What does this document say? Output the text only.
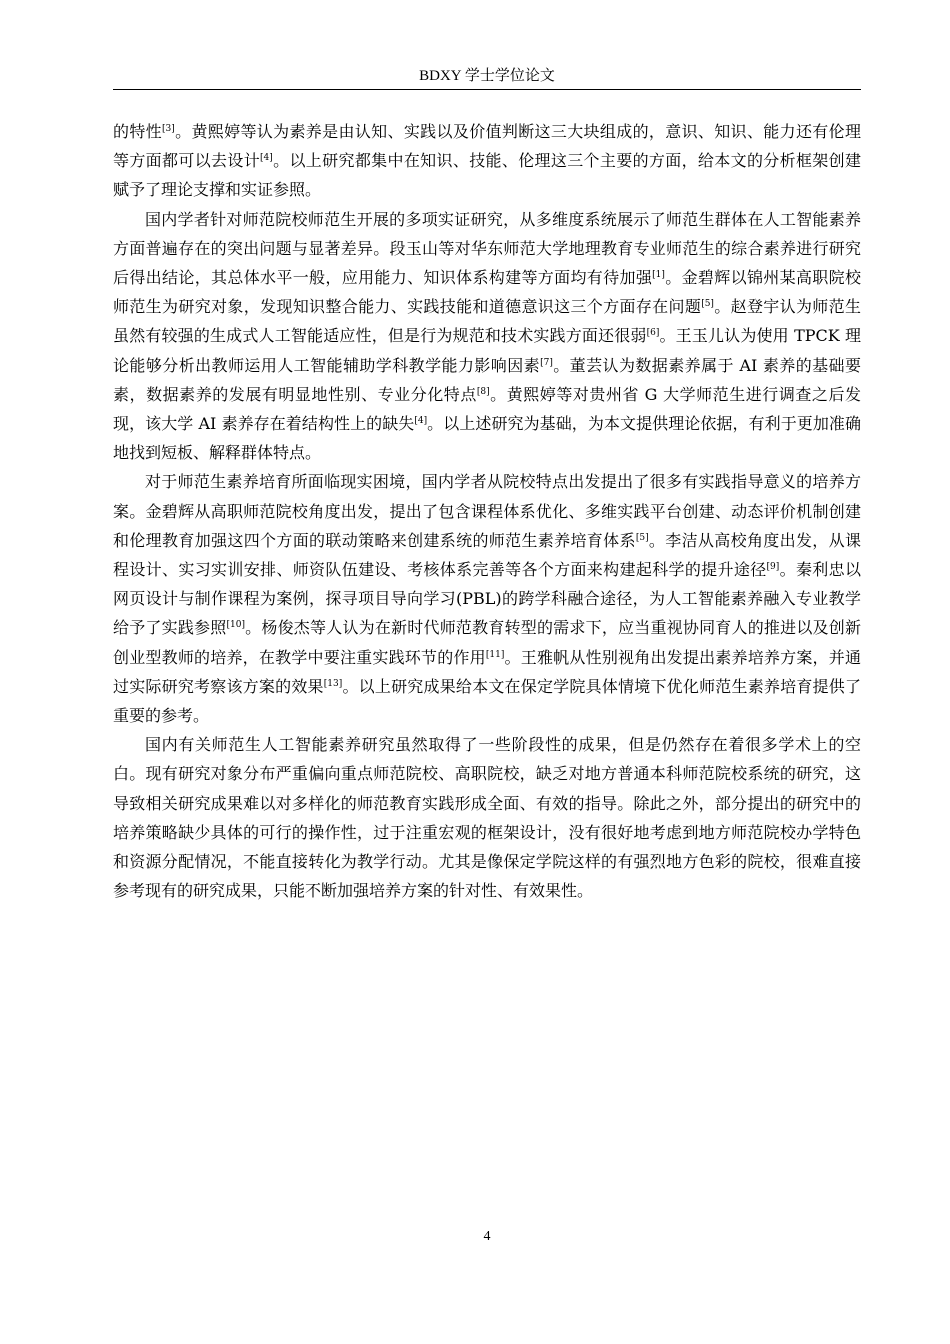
BDXY 学士学位论文

的特性[3]。黄熙婷等认为素养是由认知、实践以及价值判断这三大块组成的，意识、知识、能力还有伦理等方面都可以去设计[4]。以上研究都集中在知识、技能、伦理这三个主要的方面，给本文的分析框架创建赋予了理论支撑和实证参照。

国内学者针对师范院校师范生开展的多项实证研究，从多维度系统展示了师范生群体在人工智能素养方面普遍存在的突出问题与显著差异。段玉山等对华东师范大学地理教育专业师范生的综合素养进行研究后得出结论，其总体水平一般，应用能力、知识体系构建等方面均有待加强[1]。金碧辉以锦州某高职院校师范生为研究对象，发现知识整合能力、实践技能和道德意识这三个方面存在问题[5]。赵登宇认为师范生虽然有较强的生成式人工智能适应性，但是行为规范和技术实践方面还很弱[6]。王玉儿认为使用 TPCK 理论能够分析出教师运用人工智能辅助学科教学能力影响因素[7]。董芸认为数据素养属于 AI 素养的基础要素，数据素养的发展有明显地性别、专业分化特点[8]。黄熙婷等对贵州省 G 大学师范生进行调查之后发现，该大学 AI 素养存在着结构性上的缺失[4]。以上述研究为基础，为本文提供理论依据，有利于更加准确地找到短板、解释群体特点。

对于师范生素养培育所面临现实困境，国内学者从院校特点出发提出了很多有实践指导意义的培养方案。金碧辉从高职师范院校角度出发，提出了包含课程体系优化、多维实践平台创建、动态评价机制创建和伦理教育加强这四个方面的联动策略来创建系统的师范生素养培育体系[5]。李洁从高校角度出发，从课程设计、实习实训安排、师资队伍建设、考核体系完善等各个方面来构建起科学的提升途径[9]。秦利忠以网页设计与制作课程为案例，探寻项目导向学习(PBL)的跨学科融合途径，为人工智能素养融入专业教学给予了实践参照[10]。杨俊杰等人认为在新时代师范教育转型的需求下，应当重视协同育人的推进以及创新创业型教师的培养，在教学中要注重实践环节的作用[11]。王雅帆从性别视角出发提出素养培养方案，并通过实际研究考察该方案的效果[13]。以上研究成果给本文在保定学院具体情境下优化师范生素养培育提供了重要的参考。

国内有关师范生人工智能素养研究虽然取得了一些阶段性的成果，但是仍然存在着很多学术上的空白。现有研究对象分布严重偏向重点师范院校、高职院校，缺乏对地方普通本科师范院校系统的研究，这导致相关研究成果难以对多样化的师范教育实践形成全面、有效的指导。除此之外，部分提出的研究中的培养策略缺少具体的可行的操作性，过于注重宏观的框架设计，没有很好地考虑到地方师范院校办学特色和资源分配情况，不能直接转化为教学行动。尤其是像保定学院这样的有强烈地方色彩的院校，很难直接参考现有的研究成果，只能不断加强培养方案的针对性、有效果性。

4
